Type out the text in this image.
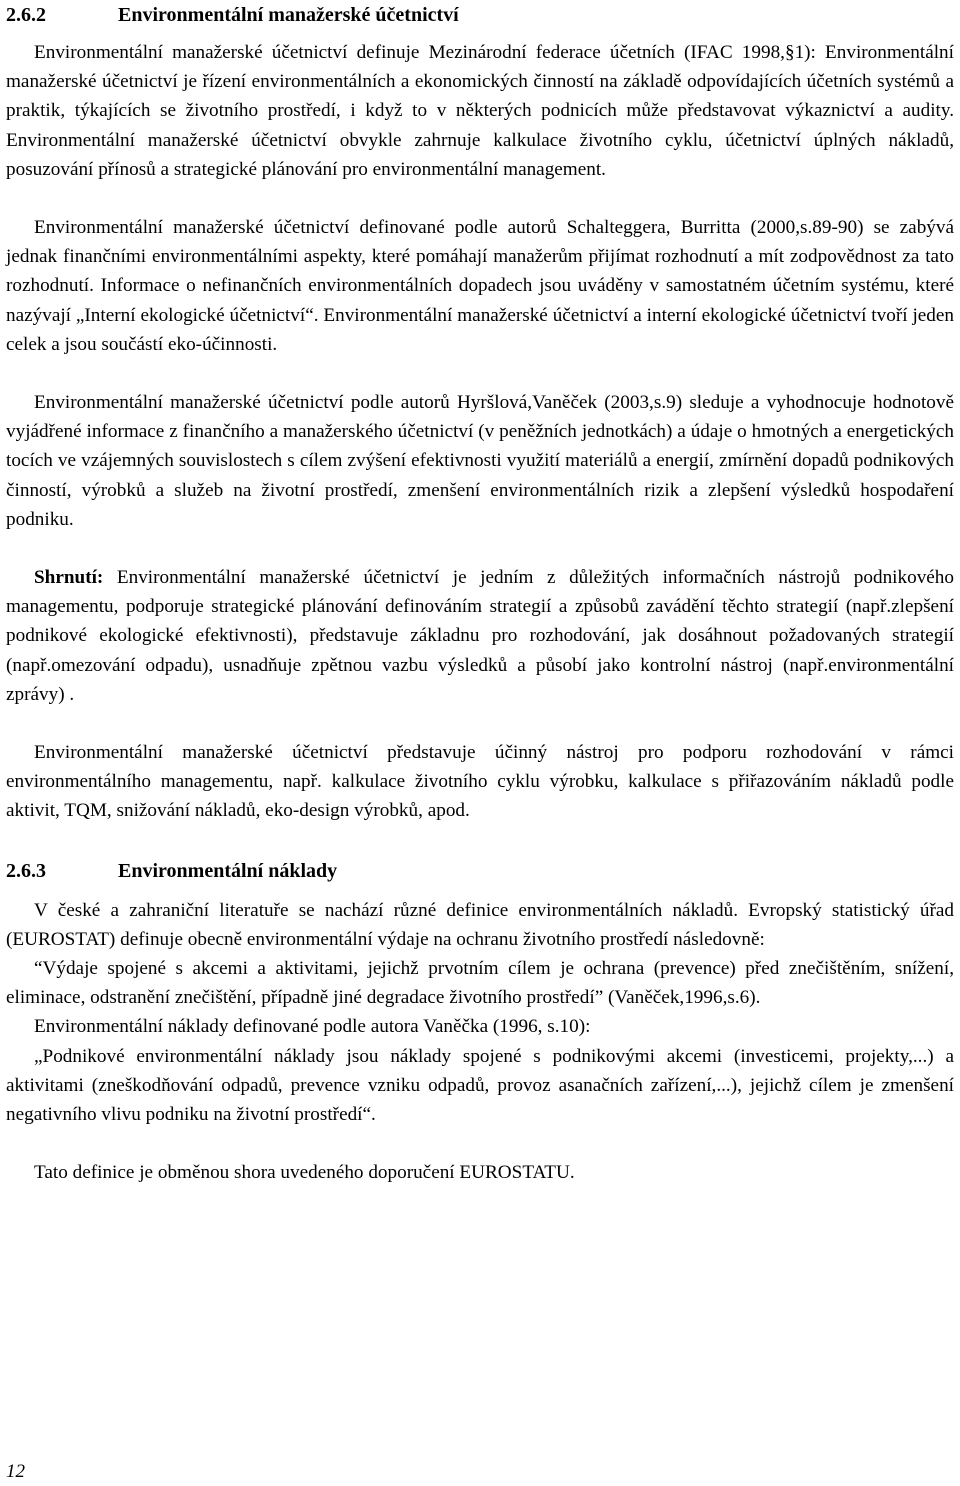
2.6.2	Environmentální manažerské účetnictví

Environmentální manažerské účetnictví definuje Mezinárodní federace účetních (IFAC 1998,§1): Environmentální manažerské účetnictví je řízení environmentálních a ekonomických činností na základě odpovídajících účetních systémů a praktik, týkajících se životního prostředí, i když to v některých podnicích může představovat výkaznictví a audity. Environmentální manažerské účetnictví obvykle zahrnuje kalkulace životního cyklu, účetnictví úplných nákladů, posuzování přínosů a strategické plánování pro environmentální management.

Environmentální manažerské účetnictví definované podle autorů Schalteggera, Burritta (2000,s.89-90) se zabývá jednak finančními environmentálními aspekty, které pomáhají manažerům přijímat rozhodnutí a mít zodpovědnost za tato rozhodnutí. Informace o nefinančních environmentálních dopadech jsou uváděny v samostatném účetním systému, které nazývají „Interní ekologické účetnictví“. Environmentální manažerské účetnictví a interní ekologické účetnictví tvoří jeden celek a jsou součástí eko-účinnosti.

Environmentální manažerské účetnictví podle autorů Hyršlová,Vaněček (2003,s.9) sleduje a vyhodnocuje hodnotově vyjádřené informace z finančního a manažerského účetnictví (v peněžních jednotkách) a údaje o hmotných a energetických tocích ve vzájemných souvislostech s cílem zvýšení efektivnosti využití materiálů a energií, zmírnění dopadů podnikových činností, výrobků a služeb na životní prostředí, zmenšení environmentálních rizik a zlepšení výsledků hospodaření podniku.

Shrnutí: Environmentální manažerské účetnictví je jedním z důležitých informačních nástrojů podnikového managementu, podporuje strategické plánování definováním strategií a způsobů zavádění těchto strategií (např.zlepšení podnikové ekologické efektivnosti), představuje základnu pro rozhodování, jak dosáhnout požadovaných strategií (např.omezování odpadu), usnadňuje zpětnou vazbu výsledků a působí jako kontrolní nástroj (např.environmentální zprávy) .

Environmentální manažerské účetnictví představuje účinný nástroj pro podporu rozhodování v rámci environmentálního managementu, např. kalkulace životního cyklu výrobku, kalkulace s přiřazováním nákladů podle aktivit, TQM, snižování nákladů, eko-design výrobků, apod.

2.6.3	Environmentální náklady

V české a zahraniční literatuře se nachází různé definice environmentálních nákladů. Evropský statistický úřad (EUROSTAT) definuje obecně environmentální výdaje na ochranu životního prostředí následovně:

“Výdaje spojené s akcemi a aktivitami, jejichž prvotním cílem je ochrana (prevence) před znečištěním, snížení, eliminace, odstranění znečištění, případně jiné degradace životního prostředí” (Vaněček,1996,s.6).

Environmentální náklady definované podle autora Vaněčka (1996, s.10):

„Podnikové environmentální náklady jsou náklady spojené s podnikovými akcemi (investicemi, projekty,...) a aktivitami (zneškodňování odpadů, prevence vzniku odpadů, provoz asanačních zařízení,...), jejichž cílem je zmenšení negativního vlivu podniku na životní prostředí“.

Tato definice je obměnou shora uvedeného doporučení EUROSTATU.

12
